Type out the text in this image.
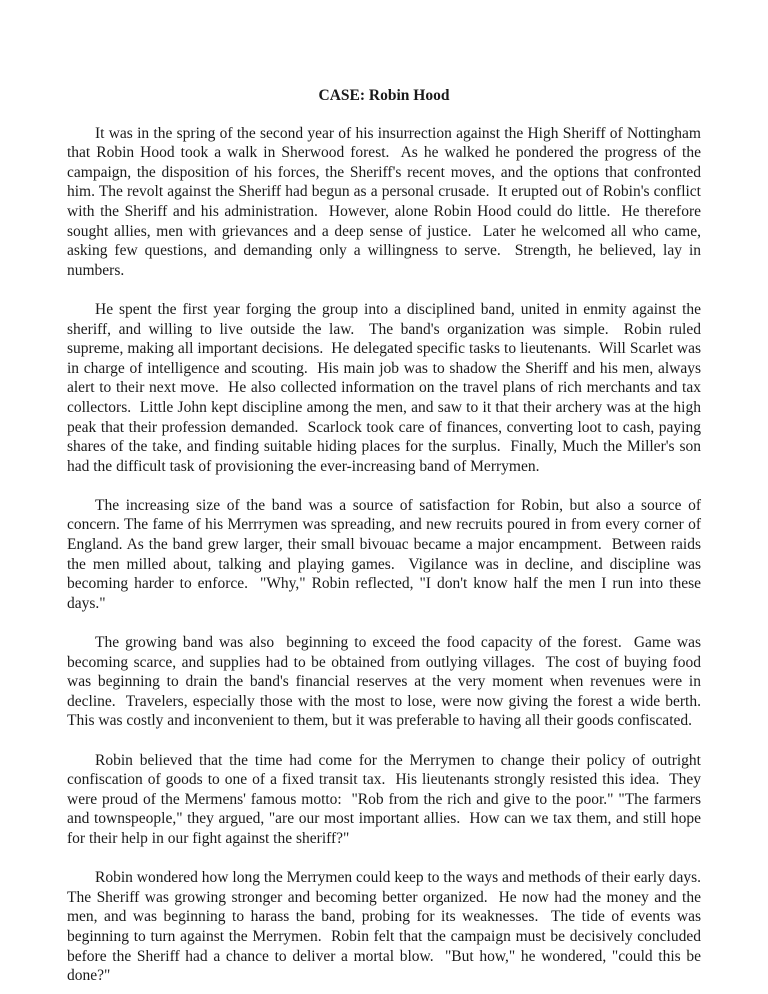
CASE: Robin Hood

It was in the spring of the second year of his insurrection against the High Sheriff of Nottingham that Robin Hood took a walk in Sherwood forest.  As he walked he pondered the progress of the campaign, the disposition of his forces, the Sheriff's recent moves, and the options that confronted him. The revolt against the Sheriff had begun as a personal crusade.  It erupted out of Robin's conflict with the Sheriff and his administration.  However, alone Robin Hood could do little.  He therefore sought allies, men with grievances and a deep sense of justice.  Later he welcomed all who came, asking few questions, and demanding only a willingness to serve.  Strength, he believed, lay in numbers.

He spent the first year forging the group into a disciplined band, united in enmity against the sheriff, and willing to live outside the law.  The band's organization was simple.  Robin ruled supreme, making all important decisions.  He delegated specific tasks to lieutenants.  Will Scarlet was in charge of intelligence and scouting.  His main job was to shadow the Sheriff and his men, always alert to their next move.  He also collected information on the travel plans of rich merchants and tax collectors.  Little John kept discipline among the men, and saw to it that their archery was at the high peak that their profession demanded.  Scarlock took care of finances, converting loot to cash, paying shares of the take, and finding suitable hiding places for the surplus.  Finally, Much the Miller's son had the difficult task of provisioning the ever-increasing band of Merrymen.

The increasing size of the band was a source of satisfaction for Robin, but also a source of concern. The fame of his Merrrymen was spreading, and new recruits poured in from every corner of England. As the band grew larger, their small bivouac became a major encampment.  Between raids the men milled about, talking and playing games.  Vigilance was in decline, and discipline was becoming harder to enforce.  "Why," Robin reflected, "I don't know half the men I run into these days."

The growing band was also  beginning to exceed the food capacity of the forest.  Game was becoming scarce, and supplies had to be obtained from outlying villages.  The cost of buying food was beginning to drain the band's financial reserves at the very moment when revenues were in decline.  Travelers, especially those with the most to lose, were now giving the forest a wide berth. This was costly and inconvenient to them, but it was preferable to having all their goods confiscated.

Robin believed that the time had come for the Merrymen to change their policy of outright confiscation of goods to one of a fixed transit tax.  His lieutenants strongly resisted this idea.  They were proud of the Mermens' famous motto:  "Rob from the rich and give to the poor." "The farmers and townspeople," they argued, "are our most important allies.  How can we tax them, and still hope for their help in our fight against the sheriff?"

Robin wondered how long the Merrymen could keep to the ways and methods of their early days. The Sheriff was growing stronger and becoming better organized.  He now had the money and the men, and was beginning to harass the band, probing for its weaknesses.  The tide of events was beginning to turn against the Merrymen.  Robin felt that the campaign must be decisively concluded before the Sheriff had a chance to deliver a mortal blow.  "But how," he wondered, "could this be done?"
